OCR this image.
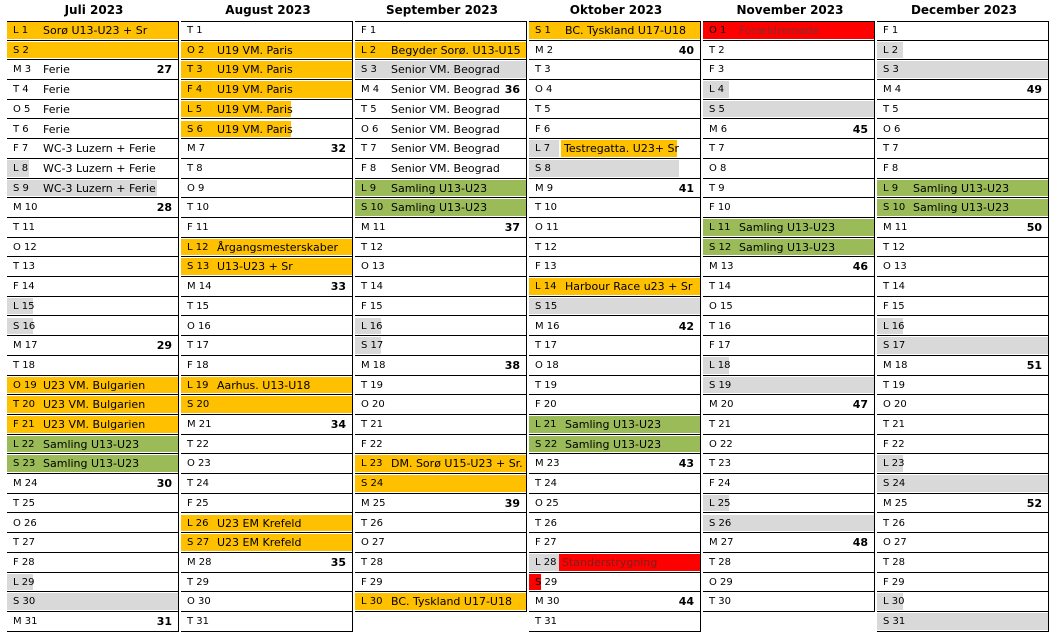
Juli 2023
L 1 Sorø U13-U23 + Sr
S 2
M 3 Ferie	27
T 4 Ferie
O 5 Ferie
T 6 Ferie
F 7 WC-3 Luzern + Ferie
L 8 WC-3 Luzern + Ferie
S 9 WC-3 Luzern + Ferie
M 10	28
T 11
O 12
T 13
F 14
L 15
S 16
M 17	29
T 18
O 19 U23 VM. Bulgarien
T 20 U23 VM. Bulgarien
F 21 U23 VM. Bulgarien
L 22 Samling U13-U23
S 23 Samling U13-U23
M 24	30
T 25
O 26
T 27
F 28
L 29
S 30
M 31	31
August 2023
T 1
O 2 U19 VM. Paris
T 3 U19 VM. Paris
F 4 U19 VM. Paris
L 5 U19 VM. Paris
S 6 U19 VM. Paris
M 7	32
T 8
O 9
T 10
F 11
L 12 Årgangsmesterskaber
S 13 U13-U23 + Sr
M 14	33
T 15
O 16
T 17
F 18
L 19 Aarhus. U13-U18
S 20
M 21	34
T 22
O 23
T 24
F 25
L 26 U23 EM Krefeld
S 27 U23 EM Krefeld
M 28	35
T 29
O 30
T 31
September 2023
F 1
L 2 Begyder Sorø. U13-U15
S 3 Senior VM. Beograd
M 4 Senior VM. Beograd 36
T 5 Senior VM. Beograd
O 6 Senior VM. Beograd
T 7 Senior VM. Beograd
F 8 Senior VM. Beograd
L 9 Samling U13-U23
S 10 Samling U13-U23
M 11	37
T 12
O 13
T 14
F 15
L 16
S 17
M 18	38
T 19
O 20
T 21
F 22
L 23 DM. Sorø U15-U23 + Sr.
S 24
M 25	39
T 26
O 27
T 28
F 29
L 30 BC. Tyskland U17-U18
Oktober 2023
S 1 BC. Tyskland U17-U18
M 2	40
T 3
O 4
T 5
F 6
L 7 Testregatta. U23+ Sr
S 8
M 9	41
T 10
O 11
T 12
F 13
L 14 Harbour Race u23 + Sr
S 15
M 16	42
T 17
O 18
T 19
F 20
L 21 Samling U13-U23
S 22 Samling U13-U23
M 23	43
T 24
O 25
T 26
F 27
L 28 Standerstrygning
S 29
M 30	44
T 31
November 2023
O 1 Forældremøde
T 2
F 3
L 4
S 5
M 6	45
T 7
O 8
T 9
F 10
L 11 Samling U13-U23
S 12 Samling U13-U23
M 13	46
T 14
O 15
T 16
F 17
L 18
S 19
M 20	47
T 21
O 22
T 23
F 24
L 25
S 26
M 27	48
T 28
O 29
T 30
December 2023
F 1
L 2
S 3
M 4	49
T 5
O 6
T 7
F 8
L 9 Samling U13-U23
S 10 Samling U13-U23
M 11	50
T 12
O 13
T 14
F 15
L 16
S 17
M 18	51
T 19
O 20
T 21
F 22
L 23
S 24
M 25	52
T 26
O 27
T 28
F 29
L 30
S 31
